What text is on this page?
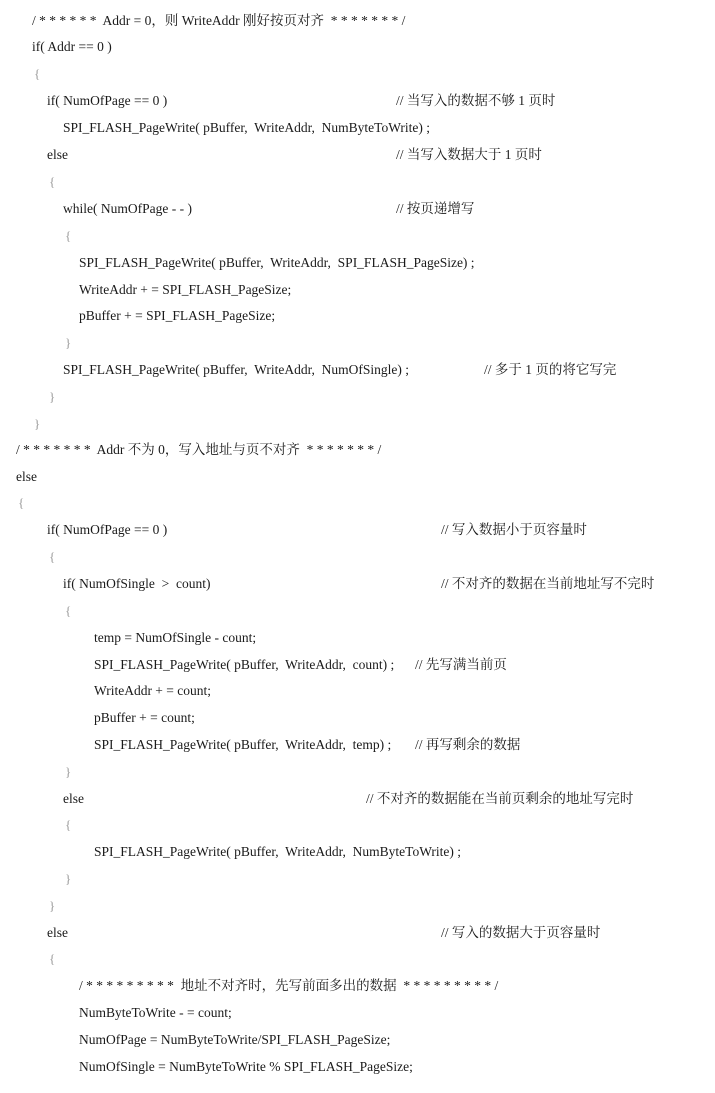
/ * * * * * *  Addr = 0，则 WriteAddr 刚好按页对齐  * * * * * * * /
if( Addr == 0 )
{
if( NumOfPage == 0 )	// 当写入的数据不够 1 页时
SPI_FLASH_PageWrite( pBuffer,  WriteAddr,  NumByteToWrite) ;
else	// 当写入数据大于 1 页时
{
while( NumOfPage - - )	// 按页递增写
{
SPI_FLASH_PageWrite( pBuffer,  WriteAddr,  SPI_FLASH_PageSize) ;
WriteAddr + = SPI_FLASH_PageSize;
pBuffer + = SPI_FLASH_PageSize;
}
SPI_FLASH_PageWrite( pBuffer,  WriteAddr,  NumOfSingle) ;	// 多于 1 页的将它写完
}
}
/ * * * * * * *  Addr 不为 0，写入地址与页不对齐  * * * * * * * /
else
{
if( NumOfPage == 0 )	// 写入数据小于页容量时
{
if( NumOfSingle  >  count)	// 不对齐的数据在当前地址写不完时
{
temp = NumOfSingle - count;
SPI_FLASH_PageWrite( pBuffer,  WriteAddr,  count) ; // 先写满当前页
WriteAddr + = count;
pBuffer + = count;
SPI_FLASH_PageWrite( pBuffer,  WriteAddr,  temp) ; // 再写剩余的数据
}
else	// 不对齐的数据能在当前页剩余的地址写完时
{
SPI_FLASH_PageWrite( pBuffer,  WriteAddr,  NumByteToWrite) ;
}
}
else	// 写入的数据大于页容量时
{
/ * * * * * * * * *  地址不对齐时，先写前面多出的数据  * * * * * * * * * /
NumByteToWrite - = count;
NumOfPage = NumByteToWrite/SPI_FLASH_PageSize;
NumOfSingle = NumByteToWrite % SPI_FLASH_PageSize;
